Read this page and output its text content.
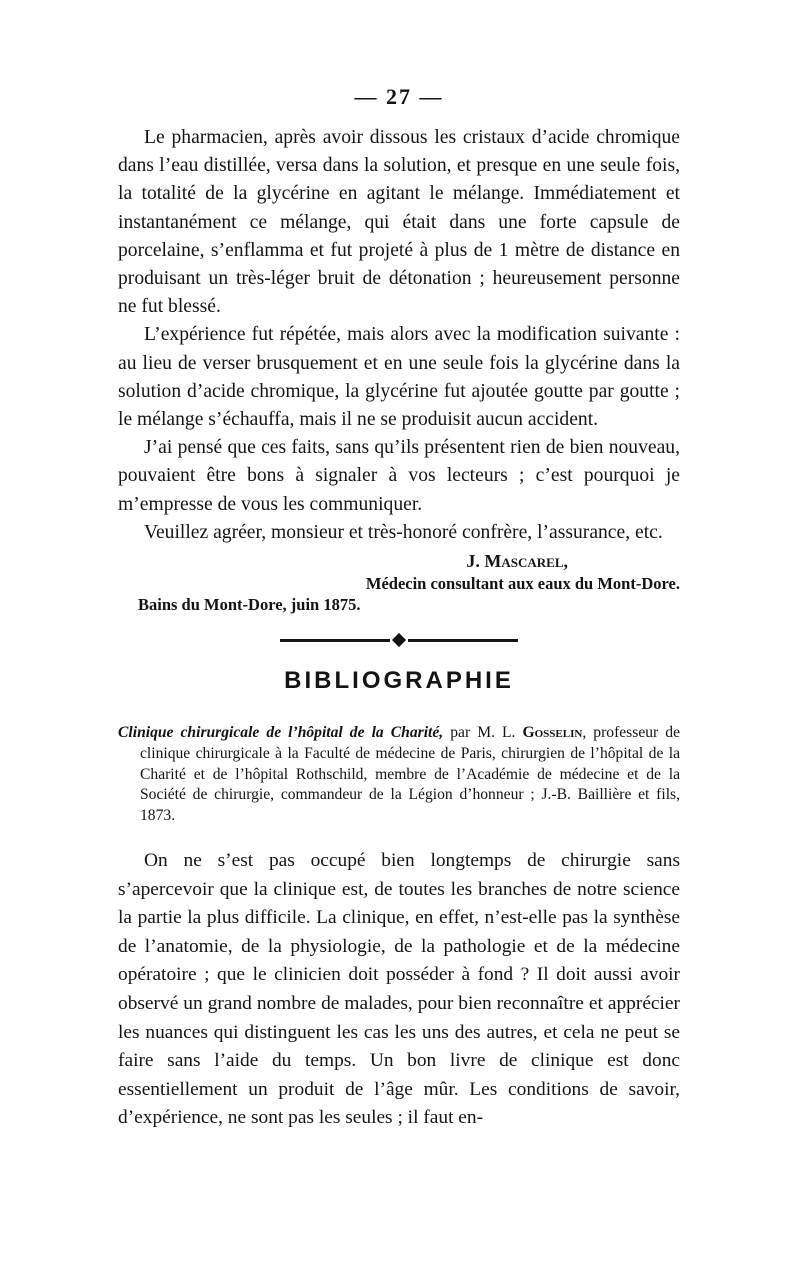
— 27 —

Le pharmacien, après avoir dissous les cristaux d’acide chromique dans l’eau distillée, versa dans la solution, et presque en une seule fois, la totalité de la glycérine en agitant le mélange. Immédiatement et instantanément ce mélange, qui était dans une forte capsule de porcelaine, s’enflamma et fut projeté à plus de 1 mètre de distance en produisant un très-léger bruit de détonation ; heureusement personne ne fut blessé.

L’expérience fut répétée, mais alors avec la modification suivante : au lieu de verser brusquement et en une seule fois la glycérine dans la solution d’acide chromique, la glycérine fut ajoutée goutte par goutte ; le mélange s’échauffa, mais il ne se produisit aucun accident.

J’ai pensé que ces faits, sans qu’ils présentent rien de bien nouveau, pouvaient être bons à signaler à vos lecteurs ; c’est pourquoi je m’empresse de vous les communiquer.

Veuillez agréer, monsieur et très-honoré confrère, l’assurance, etc.

J. Mascarel,
Médecin consultant aux eaux du Mont-Dore.
Bains du Mont-Dore, juin 1875.
BIBLIOGRAPHIE
Clinique chirurgicale de l’hôpital de la Charité, par M. L. Gosselin, professeur de clinique chirurgicale à la Faculté de médecine de Paris, chirurgien de l’hôpital de la Charité et de l’hôpital Rothschild, membre de l’Académie de médecine et de la Société de chirurgie, commandeur de la Légion d’honneur ; J.-B. Baillière et fils, 1873.

On ne s’est pas occupé bien longtemps de chirurgie sans s’apercevoir que la clinique est, de toutes les branches de notre science la partie la plus difficile. La clinique, en effet, n’est-elle pas la synthèse de l’anatomie, de la physiologie, de la pathologie et de la médecine opératoire ; que le clinicien doit posséder à fond ? Il doit aussi avoir observé un grand nombre de malades, pour bien reconnaître et apprécier les nuances qui distinguent les cas les uns des autres, et cela ne peut se faire sans l’aide du temps. Un bon livre de clinique est donc essentiellement un produit de l’âge mûr. Les conditions de savoir, d’expérience, ne sont pas les seules ; il faut en-
